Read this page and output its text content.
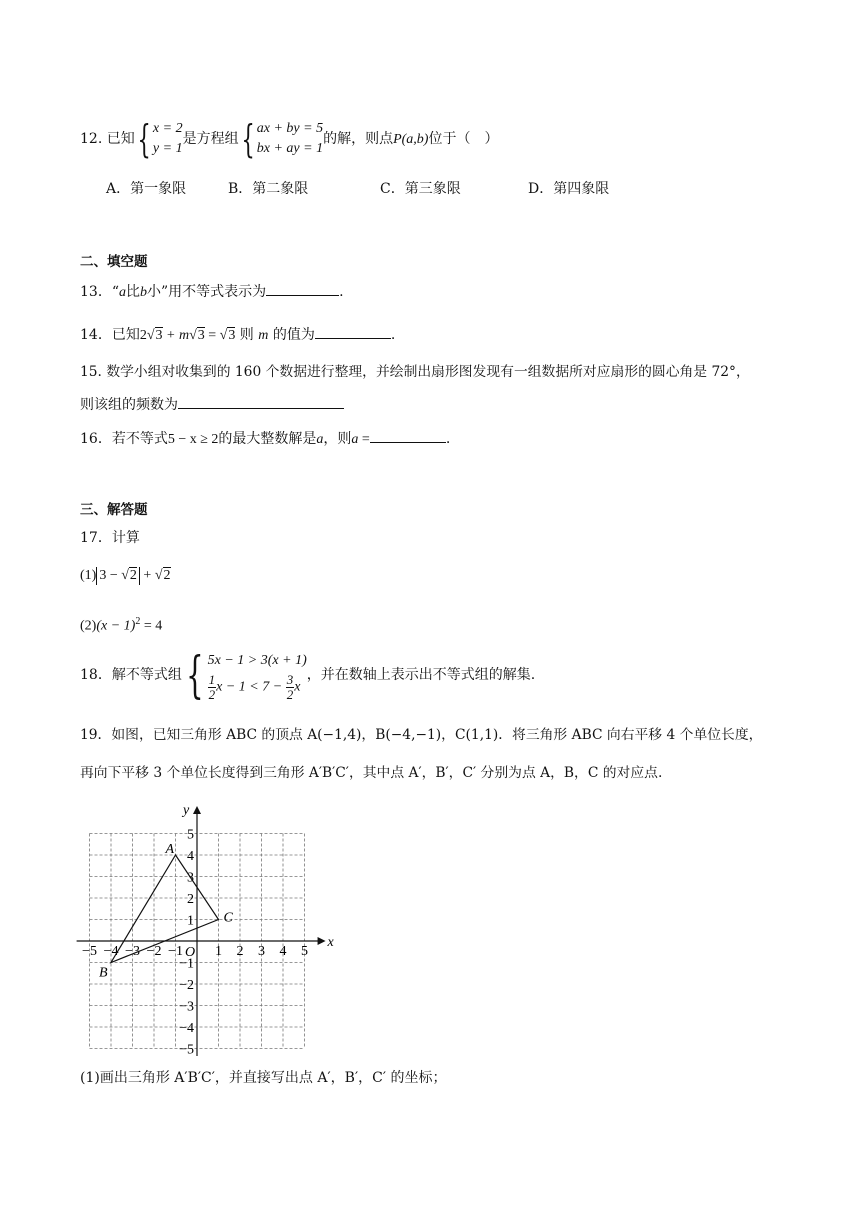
12. 已知{ x = 2
y = 1
是方程组{ ax + by = 5
bx + ay = 1
的解，则点P(a,b)位于（　）
A．第一象限	B．第二象限	C．第三象限	D．第四象限
二、填空题
13．“a比b小”用不等式表示为	.
14．已知2√3 + m√3 = √3 则 m 的值为	.
15. 数学小组对收集到的 160 个数据进行整理，并绘制出扇形图发现有一组数据所对应扇形的圆心角是 72°，
则该组的频数为
16．若不等式5 − x ≥ 2的最大整数解是a，则a =	.
三、解答题
17．计算
(1) 3 − √2 + √2
$(2)(x - 1)^2 = 4$
18．解不等式组{ 5x − 1 > 3(x + 1)
$\frac{1}{2}$ $x - 1 < 7 - \frac{3}{2}$ x
，并在数轴上表示出不等式组的解集.
19．如图，已知三角形 ABC 的顶点 A(−1,4)，B(−4,−1)，C(1,1)．将三角形 ABC 向右平移 4 个单位长度，
再向下平移 3 个单位长度得到三角形 A′B′C′，其中点 A′，B′，C′ 分别为点 A，B，C 的对应点.
x
y
O
−5 −4 −3 −2 −1 1 2 3 4 5
5
4
3
2
1
−1
−2
−3
−4
−5
A
B
C
(1)画出三角形 A′B′C′，并直接写出点 A′，B′，C′ 的坐标；
